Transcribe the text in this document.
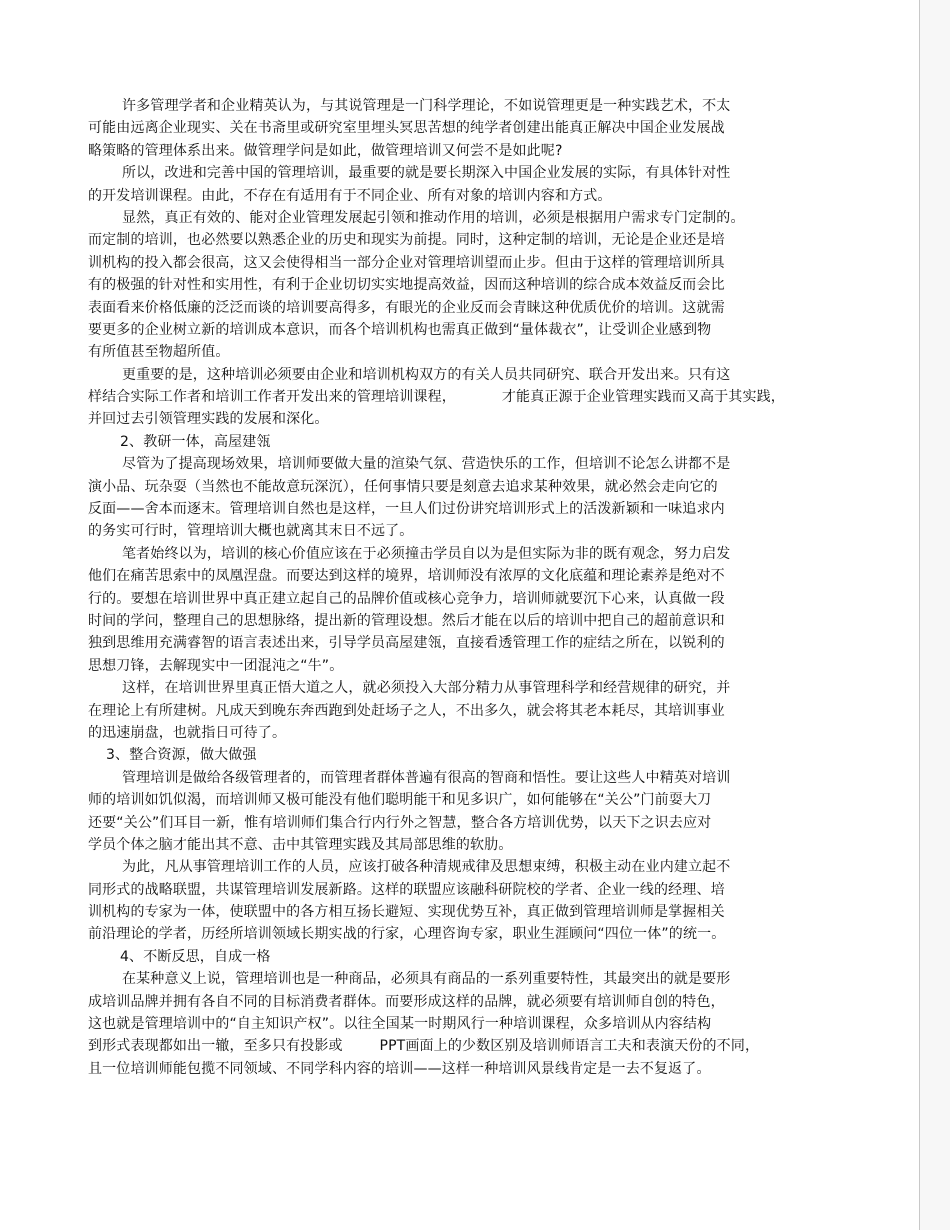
许多管理学者和企业精英认为，与其说管理是一门科学理论，不如说管理更是一种实践艺术，不太
可能由远离企业现实、关在书斋里或研究室里埋头冥思苦想的纯学者创建出能真正解决中国企业发展战
略策略的管理体系出来。做管理学问是如此，做管理培训又何尝不是如此呢?
所以，改进和完善中国的管理培训，最重要的就是要长期深入中国企业发展的实际，有具体针对性
的开发培训课程。由此，不存在有适用有于不同企业、所有对象的培训内容和方式。
显然，真正有效的、能对企业管理发展起引领和推动作用的培训，必须是根据用户需求专门定制的。
而定制的培训，也必然要以熟悉企业的历史和现实为前提。同时，这种定制的培训，无论是企业还是培
训机构的投入都会很高，这又会使得相当一部分企业对管理培训望而止步。但由于这样的管理培训所具
有的极强的针对性和实用性，有利于企业切切实实地提高效益，因而这种培训的综合成本效益反而会比
表面看来价格低廉的泛泛而谈的培训要高得多，有眼光的企业反而会青睐这种优质优价的培训。这就需
要更多的企业树立新的培训成本意识，而各个培训机构也需真正做到“量体裁衣”，让受训企业感到物
有所值甚至物超所值。
更重要的是，这种培训必须要由企业和培训机构双方的有关人员共同研究、联合开发出来。只有这
样结合实际工作者和培训工作者开发出来的管理培训课程，          才能真正源于企业管理实践而又高于其实践，
并回过去引领管理实践的发展和深化。
2、教研一体，高屋建瓴
尽管为了提高现场效果，培训师要做大量的渲染气氛、营造快乐的工作，但培训不论怎么讲都不是
演小品、玩杂耍（当然也不能故意玩深沉），任何事情只要是刻意去追求某种效果，就必然会走向它的
反面——舍本而逐末。管理培训自然也是这样，一旦人们过份讲究培训形式上的活泼新颖和一味追求内
的务实可行时，管理培训大概也就离其末日不远了。
笔者始终以为，培训的核心价值应该在于必须撞击学员自以为是但实际为非的既有观念，努力启发
他们在痛苦思索中的凤凰涅盘。而要达到这样的境界，培训师没有浓厚的文化底蕴和理论素养是绝对不
行的。要想在培训世界中真正建立起自己的品牌价值或核心竞争力，培训师就要沉下心来，认真做一段
时间的学问，整理自己的思想脉络，提出新的管理设想。然后才能在以后的培训中把自己的超前意识和
独到思维用充满睿智的语言表述出来，引导学员高屋建瓴，直接看透管理工作的症结之所在，以锐利的
思想刀锋，去解现实中一团混沌之“牛”。
这样，在培训世界里真正悟大道之人，就必须投入大部分精力从事管理科学和经营规律的研究，并
在理论上有所建树。凡成天到晚东奔西跑到处赶场子之人，不出多久，就会将其老本耗尽，其培训事业
的迅速崩盘，也就指日可待了。
3、整合资源，做大做强
管理培训是做给各级管理者的，而管理者群体普遍有很高的智商和悟性。要让这些人中精英对培训
师的培训如饥似渴，而培训师又极可能没有他们聪明能干和见多识广，如何能够在“关公”门前耍大刀
还要“关公”们耳目一新，惟有培训师们集合行内行外之智慧，整合各方培训优势，以天下之识去应对
学员个体之脑才能出其不意、击中其管理实践及其局部思维的软肋。
为此，凡从事管理培训工作的人员，应该打破各种清规戒律及思想束缚，积极主动在业内建立起不
同形式的战略联盟，共谋管理培训发展新路。这样的联盟应该融科研院校的学者、企业一线的经理、培
训机构的专家为一体，使联盟中的各方相互扬长避短、实现优势互补，真正做到管理培训师是掌握相关
前沿理论的学者，历经所培训领域长期实战的行家，心理咨询专家，职业生涯顾问“四位一体”的统一。
4、不断反思，自成一格
在某种意义上说，管理培训也是一种商品，必须具有商品的一系列重要特性，其最突出的就是要形
成培训品牌并拥有各自不同的目标消费者群体。而要形成这样的品牌，就必须要有培训师自创的特色，
这也就是管理培训中的“自主知识产权”。以往全国某一时期风行一种培训课程，众多培训从内容结构
到形式表现都如出一辙，至多只有投影或        PPT画面上的少数区别及培训师语言工夫和表演天份的不同，
且一位培训师能包揽不同领域、不同学科内容的培训——这样一种培训风景线肯定是一去不复返了。
